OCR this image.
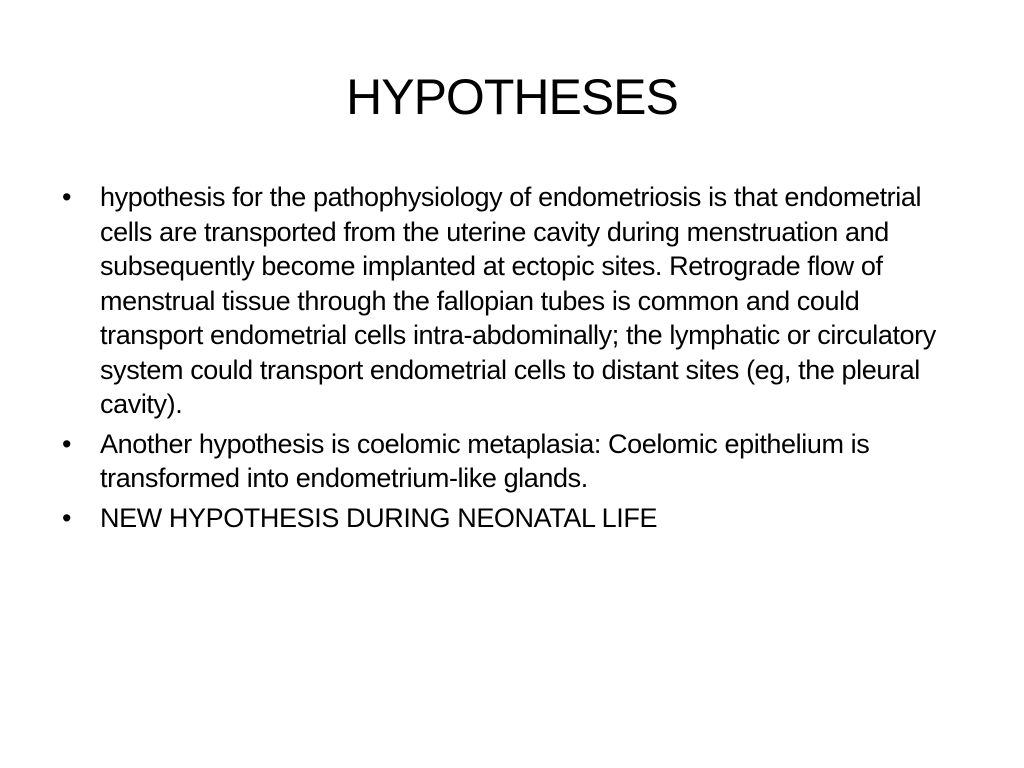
HYPOTHESES
•	hypothesis for the pathophysiology of endometriosis is that endometrial cells are transported from the uterine cavity during menstruation and subsequently become implanted at ectopic sites. Retrograde flow of menstrual tissue through the fallopian tubes is common and could transport endometrial cells intra-abdominally; the lymphatic or circulatory system could transport endometrial cells to distant sites (eg, the pleural cavity).
•	Another hypothesis is coelomic metaplasia: Coelomic epithelium is transformed into endometrium-like glands.
•	NEW HYPOTHESIS DURING NEONATAL LIFE
